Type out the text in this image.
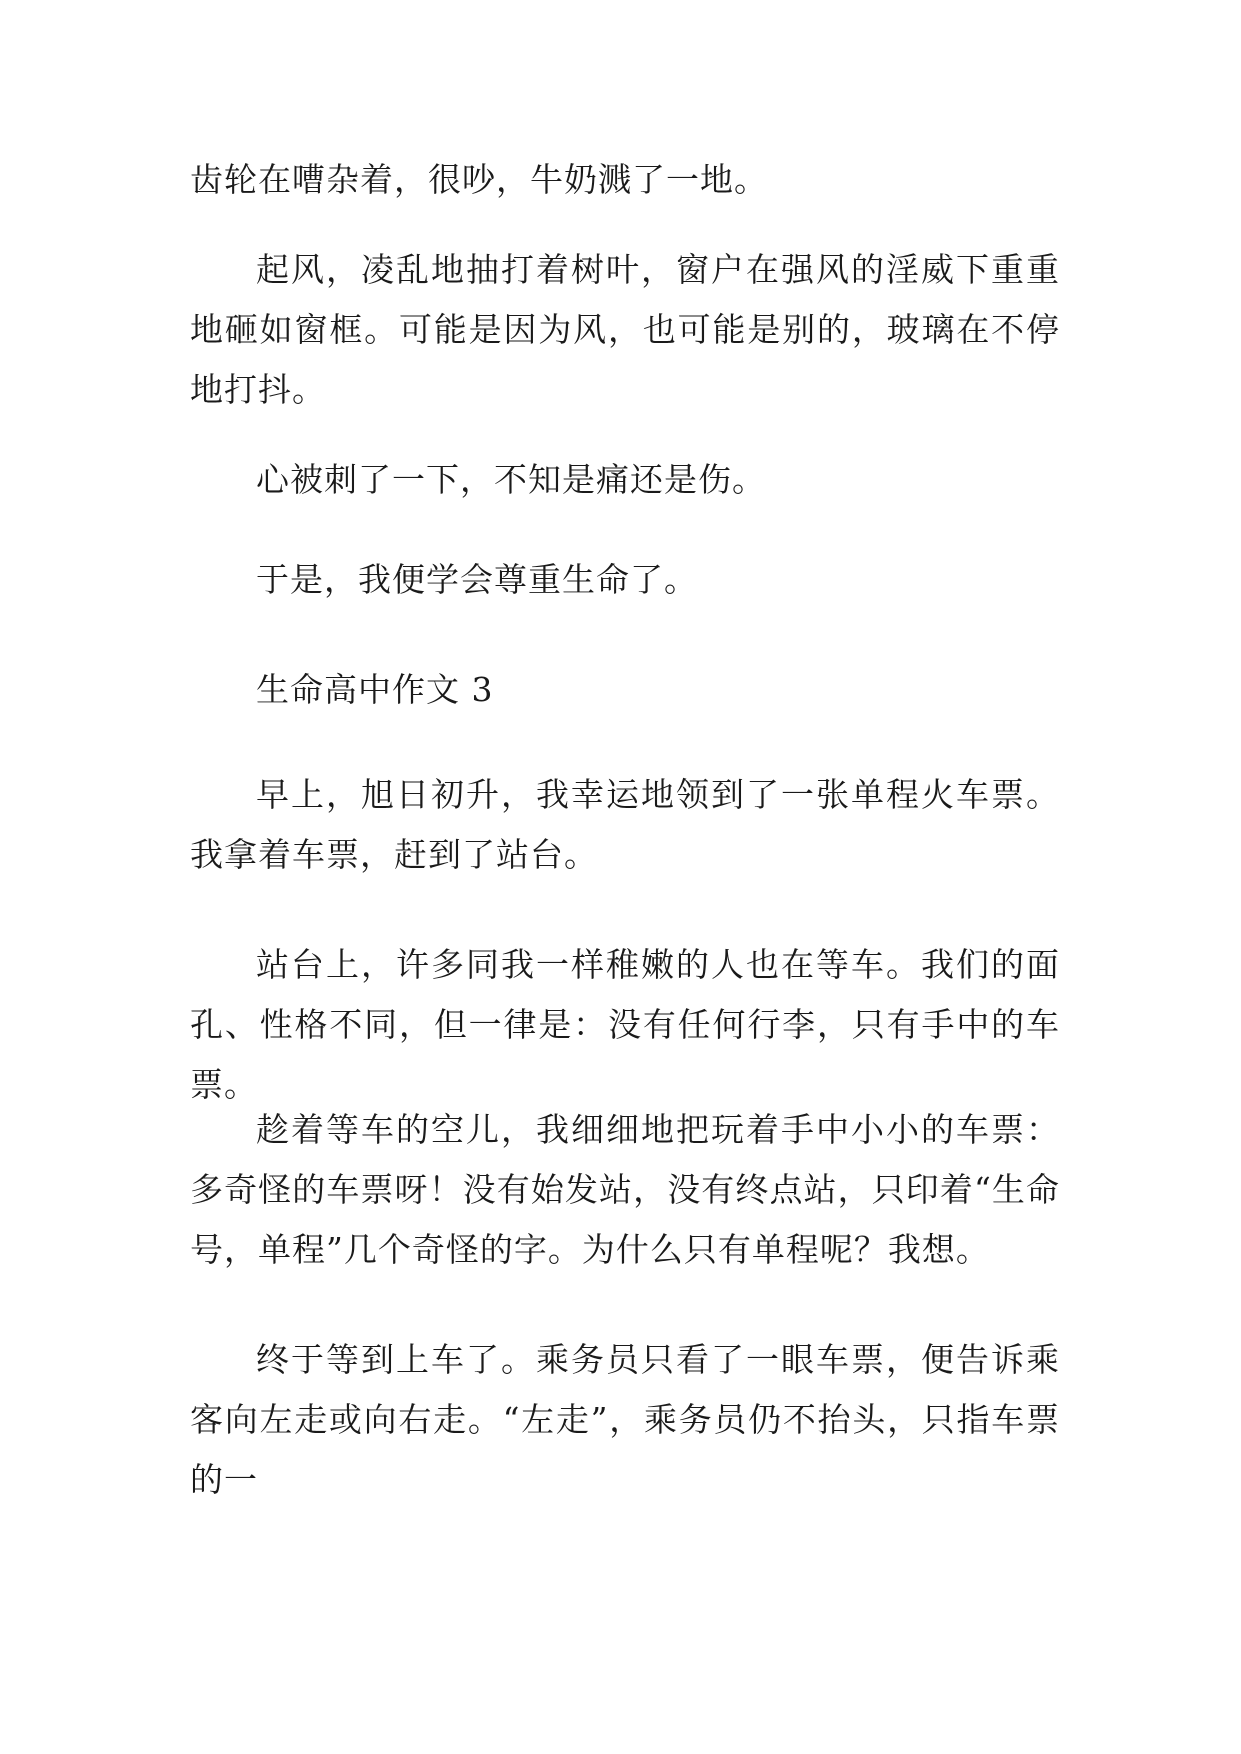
齿轮在嘈杂着，很吵，牛奶溅了一地。

起风，凌乱地抽打着树叶，窗户在强风的淫威下重重地砸如窗框。可能是因为风，也可能是别的，玻璃在不停地打抖。

心被刺了一下，不知是痛还是伤。

于是，我便学会尊重生命了。

生命高中作文 3

早上，旭日初升，我幸运地领到了一张单程火车票。我拿着车票，赶到了站台。

站台上，许多同我一样稚嫩的人也在等车。我们的面孔、性格不同，但一律是：没有任何行李，只有手中的车票。

趁着等车的空儿，我细细地把玩着手中小小的车票：多奇怪的车票呀！没有始发站，没有终点站，只印着“生命号，单程”几个奇怪的字。为什么只有单程呢？我想。

终于等到上车了。乘务员只看了一眼车票，便告诉乘客向左走或向右走。“左走”，乘务员仍不抬头，只指车票的一
